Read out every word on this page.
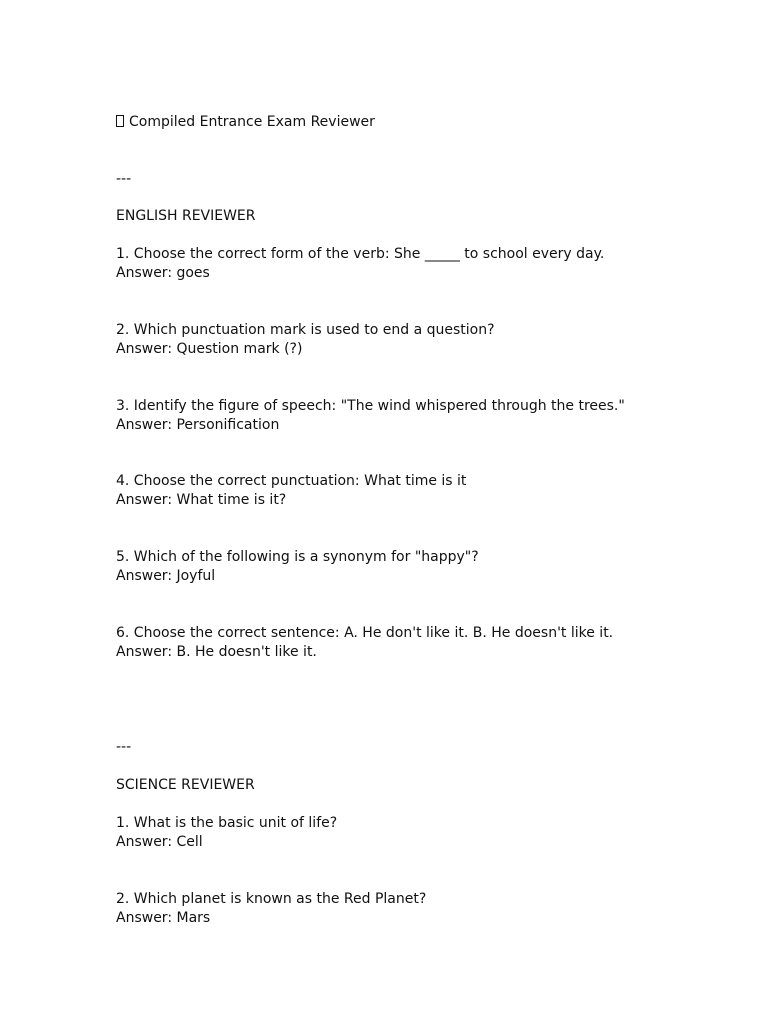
Compiled Entrance Exam Reviewer

---

ENGLISH REVIEWER

1. Choose the correct form of the verb: She _____ to school every day.

Answer: goes

2. Which punctuation mark is used to end a question?

Answer: Question mark (?)

3. Identify the figure of speech: "The wind whispered through the trees."

Answer: Personification

4. Choose the correct punctuation: What time is it

Answer: What time is it?

5. Which of the following is a synonym for "happy"?

Answer: Joyful

6. Choose the correct sentence: A. He don't like it. B. He doesn't like it.

Answer: B. He doesn't like it.

---

SCIENCE REVIEWER

1. What is the basic unit of life?

Answer: Cell

2. Which planet is known as the Red Planet?

Answer: Mars
